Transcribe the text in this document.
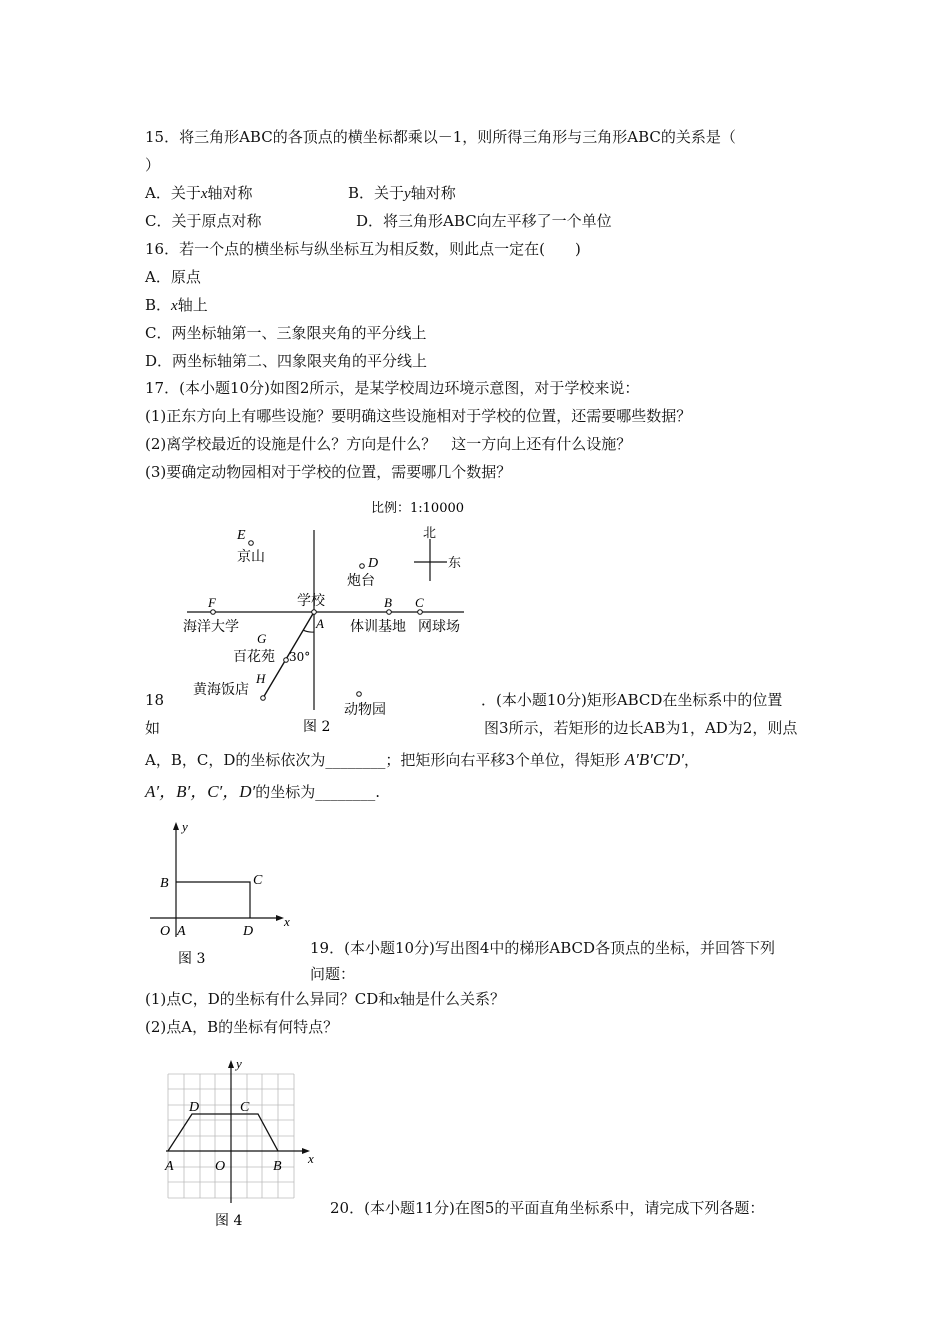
15．将三角形ABC的各顶点的横坐标都乘以－1，则所得三角形与三角形ABC的关系是（
）
A．关于x轴对称	B．关于y轴对称
C．关于原点对称	D．将三角形ABC向左平移了一个单位
16．若一个点的横坐标与纵坐标互为相反数，则此点一定在(　　)
A．原点
B．x轴上
C．两坐标轴第一、三象限夹角的平分线上
D．两坐标轴第二、四象限夹角的平分线上
17．(本小题10分)如图2所示，是某学校周边环境示意图，对于学校来说：
(1)正东方向上有哪些设施？要明确这些设施相对于学校的位置，还需要哪些数据？
(2)离学校最近的设施是什么？方向是什么？　这一方向上还有什么设施？
(3)要确定动物园相对于学校的位置，需要哪几个数据？
比例：1:10000
北
东
E
京山	D
炮台
学校
A
F
海洋大学
B
体训基地
C
网球场
G
百花苑 30°
H
黄海饭店
动物园
图 2
18
如
．(本小题10分)矩形ABCD在坐标系中的位置
图3所示，若矩形的边长AB为1，AD为2，则点
A，B，C，D的坐标依次为________；把矩形向右平移3个单位，得矩形 A′B′C′D′，
A′，B′，C′，D′的坐标为________.
y
x
B	C
O A	D
图 3
19．(本小题10分)写出图4中的梯形ABCD各顶点的坐标，并回答下列
问题：
(1)点C，D的坐标有什么异同？CD和x轴是什么关系？
(2)点A，B的坐标有何特点？
y
x
D	C
A	O	B
图 4
20．(本小题11分)在图5的平面直角坐标系中，请完成下列各题：
